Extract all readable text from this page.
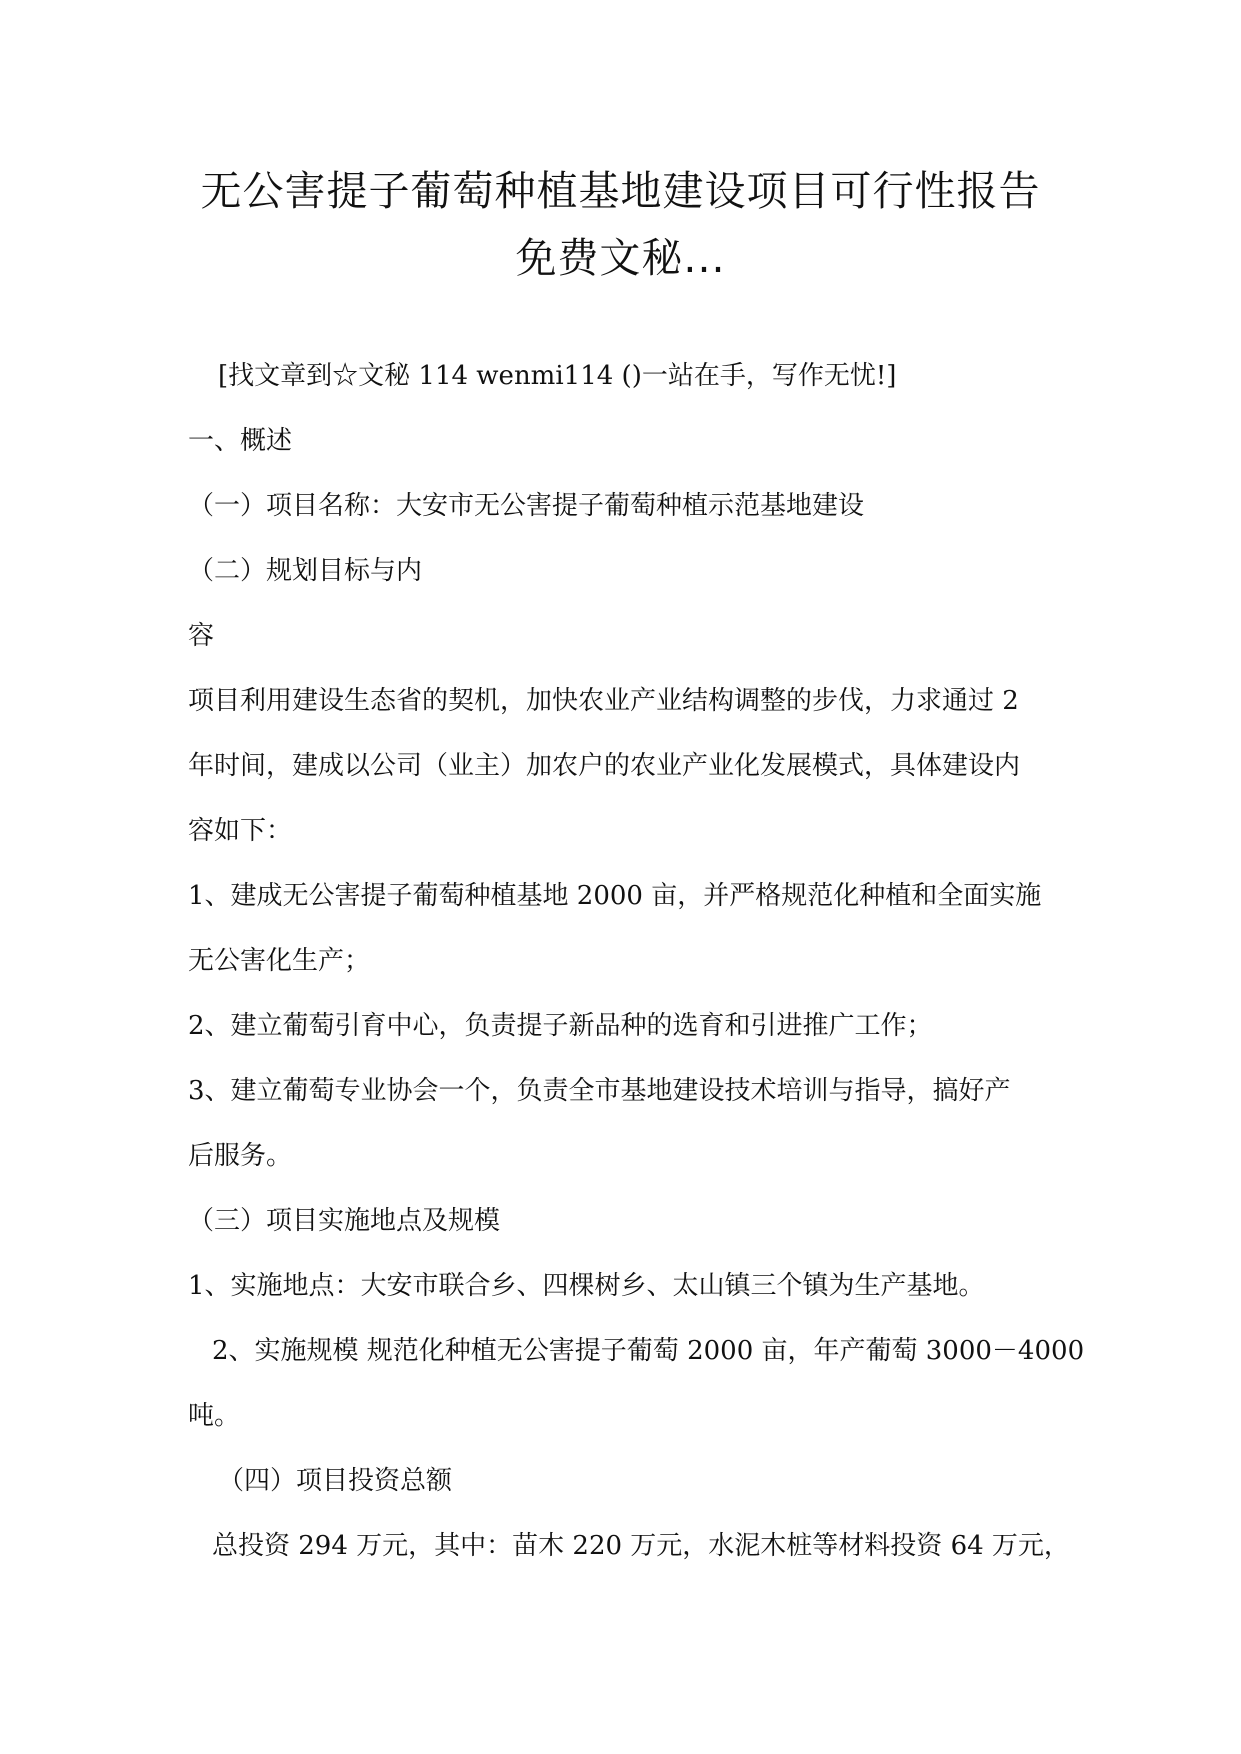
无公害提子葡萄种植基地建设项目可行性报告
免费文秘...

[找文章到☆文秘 114 wenmi114 ()一站在手，写作无忧!]

一、概述

（一）项目名称：大安市无公害提子葡萄种植示范基地建设

（二）规划目标与内

容

项目利用建设生态省的契机，加快农业产业结构调整的步伐，力求通过 2

年时间，建成以公司（业主）加农户的农业产业化发展模式，具体建设内

容如下：

1、建成无公害提子葡萄种植基地 2000 亩，并严格规范化种植和全面实施

无公害化生产；

2、建立葡萄引育中心，负责提子新品种的选育和引进推广工作；

3、建立葡萄专业协会一个，负责全市基地建设技术培训与指导，搞好产

后服务。

（三）项目实施地点及规模

1、实施地点：大安市联合乡、四棵树乡、太山镇三个镇为生产基地。

2、实施规模 规范化种植无公害提子葡萄 2000 亩，年产葡萄 3000－4000

吨。

（四）项目投资总额

总投资 294 万元，其中：苗木 220 万元，水泥木桩等材料投资 64 万元，
